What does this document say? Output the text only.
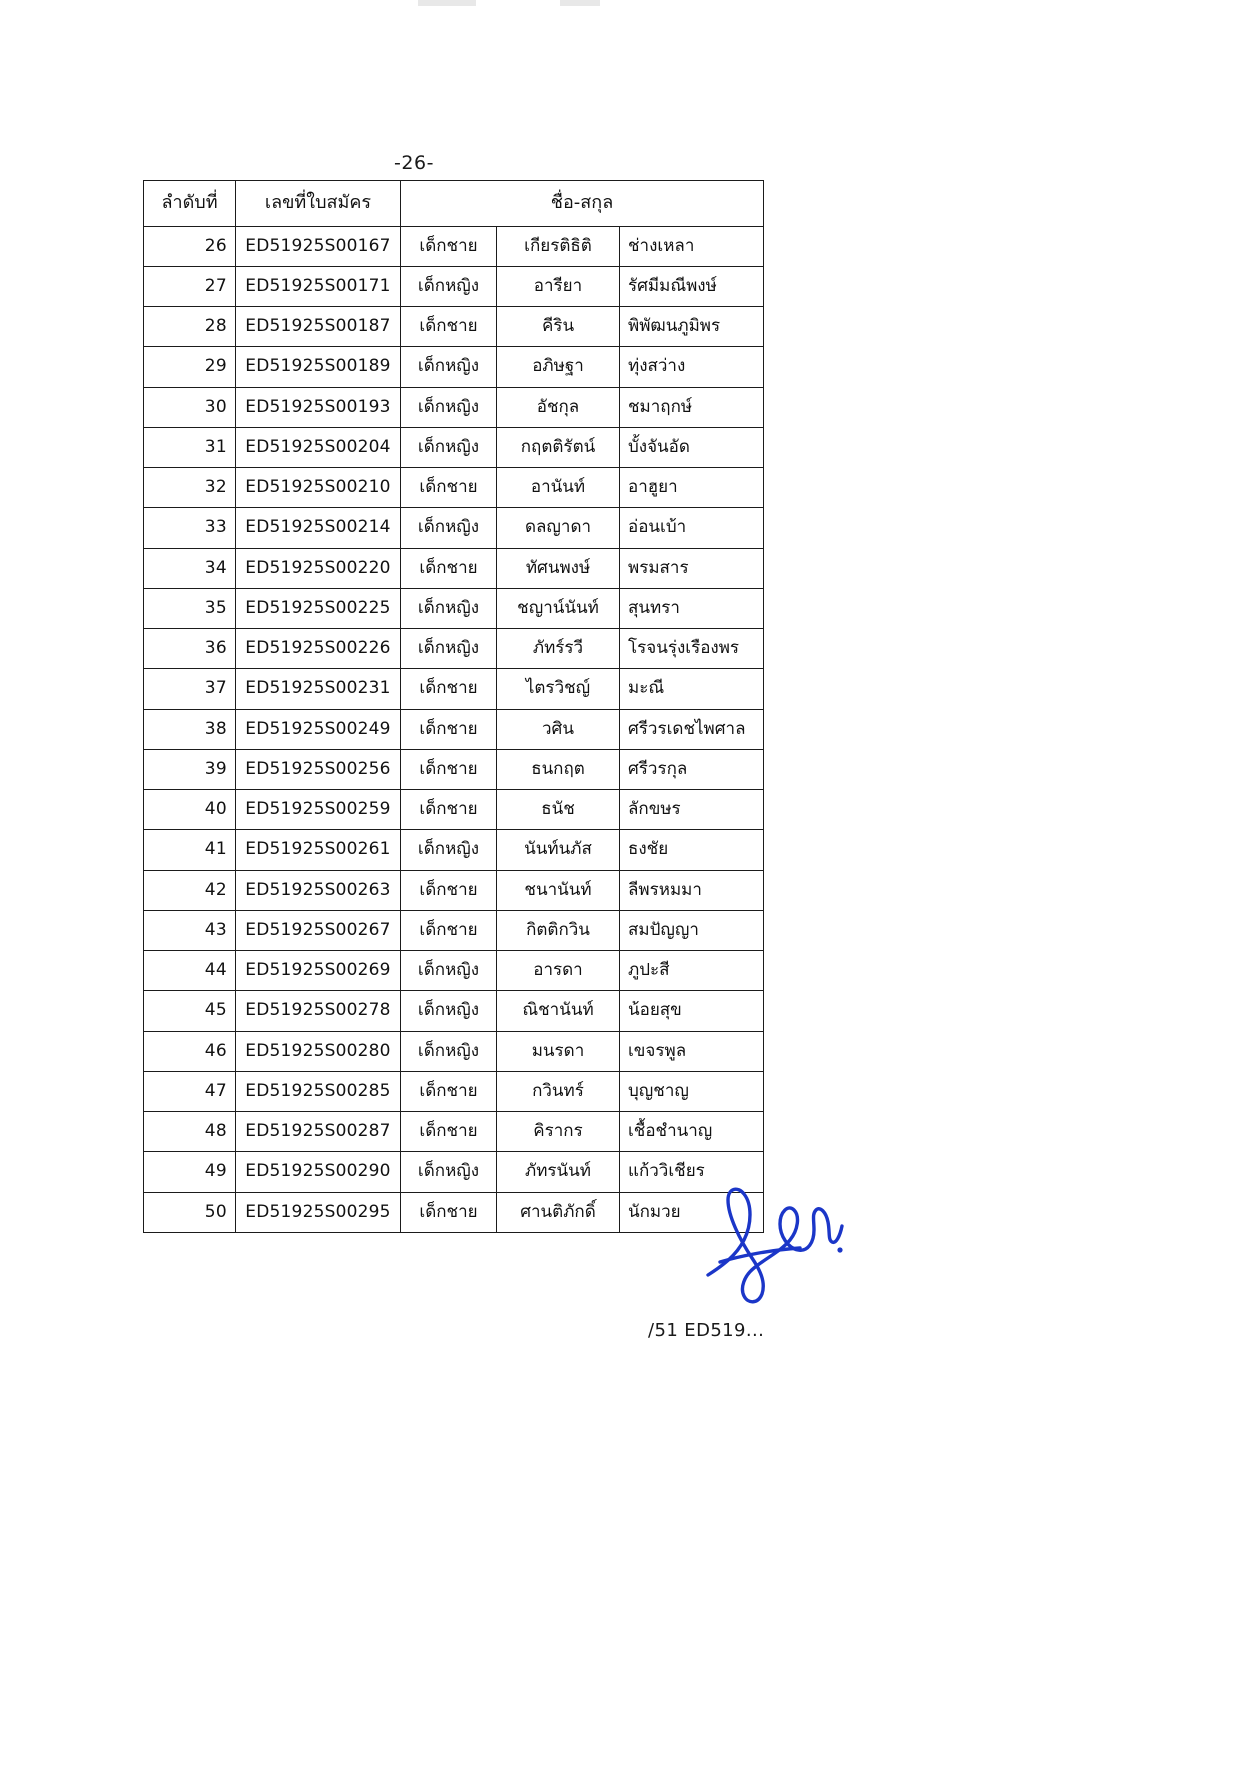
-26-
ลำดับที่	เลขที่ใบสมัคร	ชื่อ-สกุล		
26	ED51925S00167	เด็กชาย	เกียรติธิติ	ช่างเหลา
27	ED51925S00171	เด็กหญิง	อารียา	รัศมีมณีพงษ์
28	ED51925S00187	เด็กชาย	คีริน	พิพัฒนภูมิพร
29	ED51925S00189	เด็กหญิง	อภิษฐา	ทุ่งสว่าง
30	ED51925S00193	เด็กหญิง	อัชกุล	ชมาฤกษ์
31	ED51925S00204	เด็กหญิง	กฤตติรัตน์	บั้งจันอัด
32	ED51925S00210	เด็กชาย	อานันท์	อาฮูยา
33	ED51925S00214	เด็กหญิง	ดลญาดา	อ่อนเบ้า
34	ED51925S00220	เด็กชาย	ทัศนพงษ์	พรมสาร
35	ED51925S00225	เด็กหญิง	ชญาน์นันท์	สุนทรา
36	ED51925S00226	เด็กหญิง	ภัทร์รวี	โรจนรุ่งเรืองพร
37	ED51925S00231	เด็กชาย	ไตรวิชญ์	มะณี
38	ED51925S00249	เด็กชาย	วศิน	ศรีวรเดชไพศาล
39	ED51925S00256	เด็กชาย	ธนกฤต	ศรีวรกุล
40	ED51925S00259	เด็กชาย	ธนัช	ลักขษร
41	ED51925S00261	เด็กหญิง	นันท์นภัส	ธงชัย
42	ED51925S00263	เด็กชาย	ชนานันท์	ลีพรหมมา
43	ED51925S00267	เด็กชาย	กิตติกวิน	สมปัญญา
44	ED51925S00269	เด็กหญิง	อารดา	ภูปะสี
45	ED51925S00278	เด็กหญิง	ณิชานันท์	น้อยสุข
46	ED51925S00280	เด็กหญิง	มนรดา	เขจรพูล
47	ED51925S00285	เด็กชาย	กวินทร์	บุญชาญ
48	ED51925S00287	เด็กชาย	คิรากร	เชื้อชำนาญ
49	ED51925S00290	เด็กหญิง	ภัทรนันท์	แก้ววิเชียร
50	ED51925S00295	เด็กชาย	ศานติภักดิ์	นักมวย
/51 ED519...
